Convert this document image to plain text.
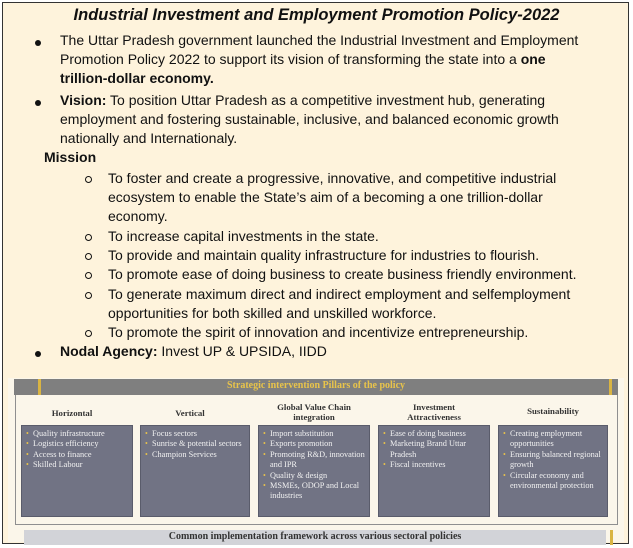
Industrial Investment and Employment Promotion Policy-2022
The Uttar Pradesh government launched the Industrial Investment and Employment
Promotion Policy 2022 to support its vision of transforming the state into a one
trillion-dollar economy.
Vision: To position Uttar Pradesh as a competitive investment hub, generating
employment and fostering sustainable, inclusive, and balanced economic growth
nationally and Internationaly.
Mission
To foster and create a progressive, innovative, and competitive industrial
ecosystem to enable the State’s aim of a becoming a one trillion-dollar
economy.
To increase capital investments in the state.
To provide and maintain quality infrastructure for industries to flourish.
To promote ease of doing business to create business friendly environment.
To generate maximum direct and indirect employment and selfemployment
opportunities for both skilled and unskilled workforce.
To promote the spirit of innovation and incentivize entrepreneurship.
Nodal Agency: Invest UP & UPSIDA, IIDD
Strategic intervention Pillars of the policy
Horizontal	Vertical
Global Value Chain
integration
Investment
Attractiveness
Sustainability
• Quality infrastructure
• Logistics efficiency
• Access to finance
• Skilled Labour
• Focus sectors
• Sunrise & potential sectors
• Champion Services
• Import substitution
• Exports promotion
• Promoting R&D, innovation and IPR
• Quality & design
• MSMEs, ODOP and Local industries
• Ease of doing business
• Marketing Brand Uttar Pradesh
• Fiscal incentives
• Creating employment opportunities
• Ensuring balanced regional growth
• Circular economy and environmental protection
Common implementation framework across various sectoral policies
